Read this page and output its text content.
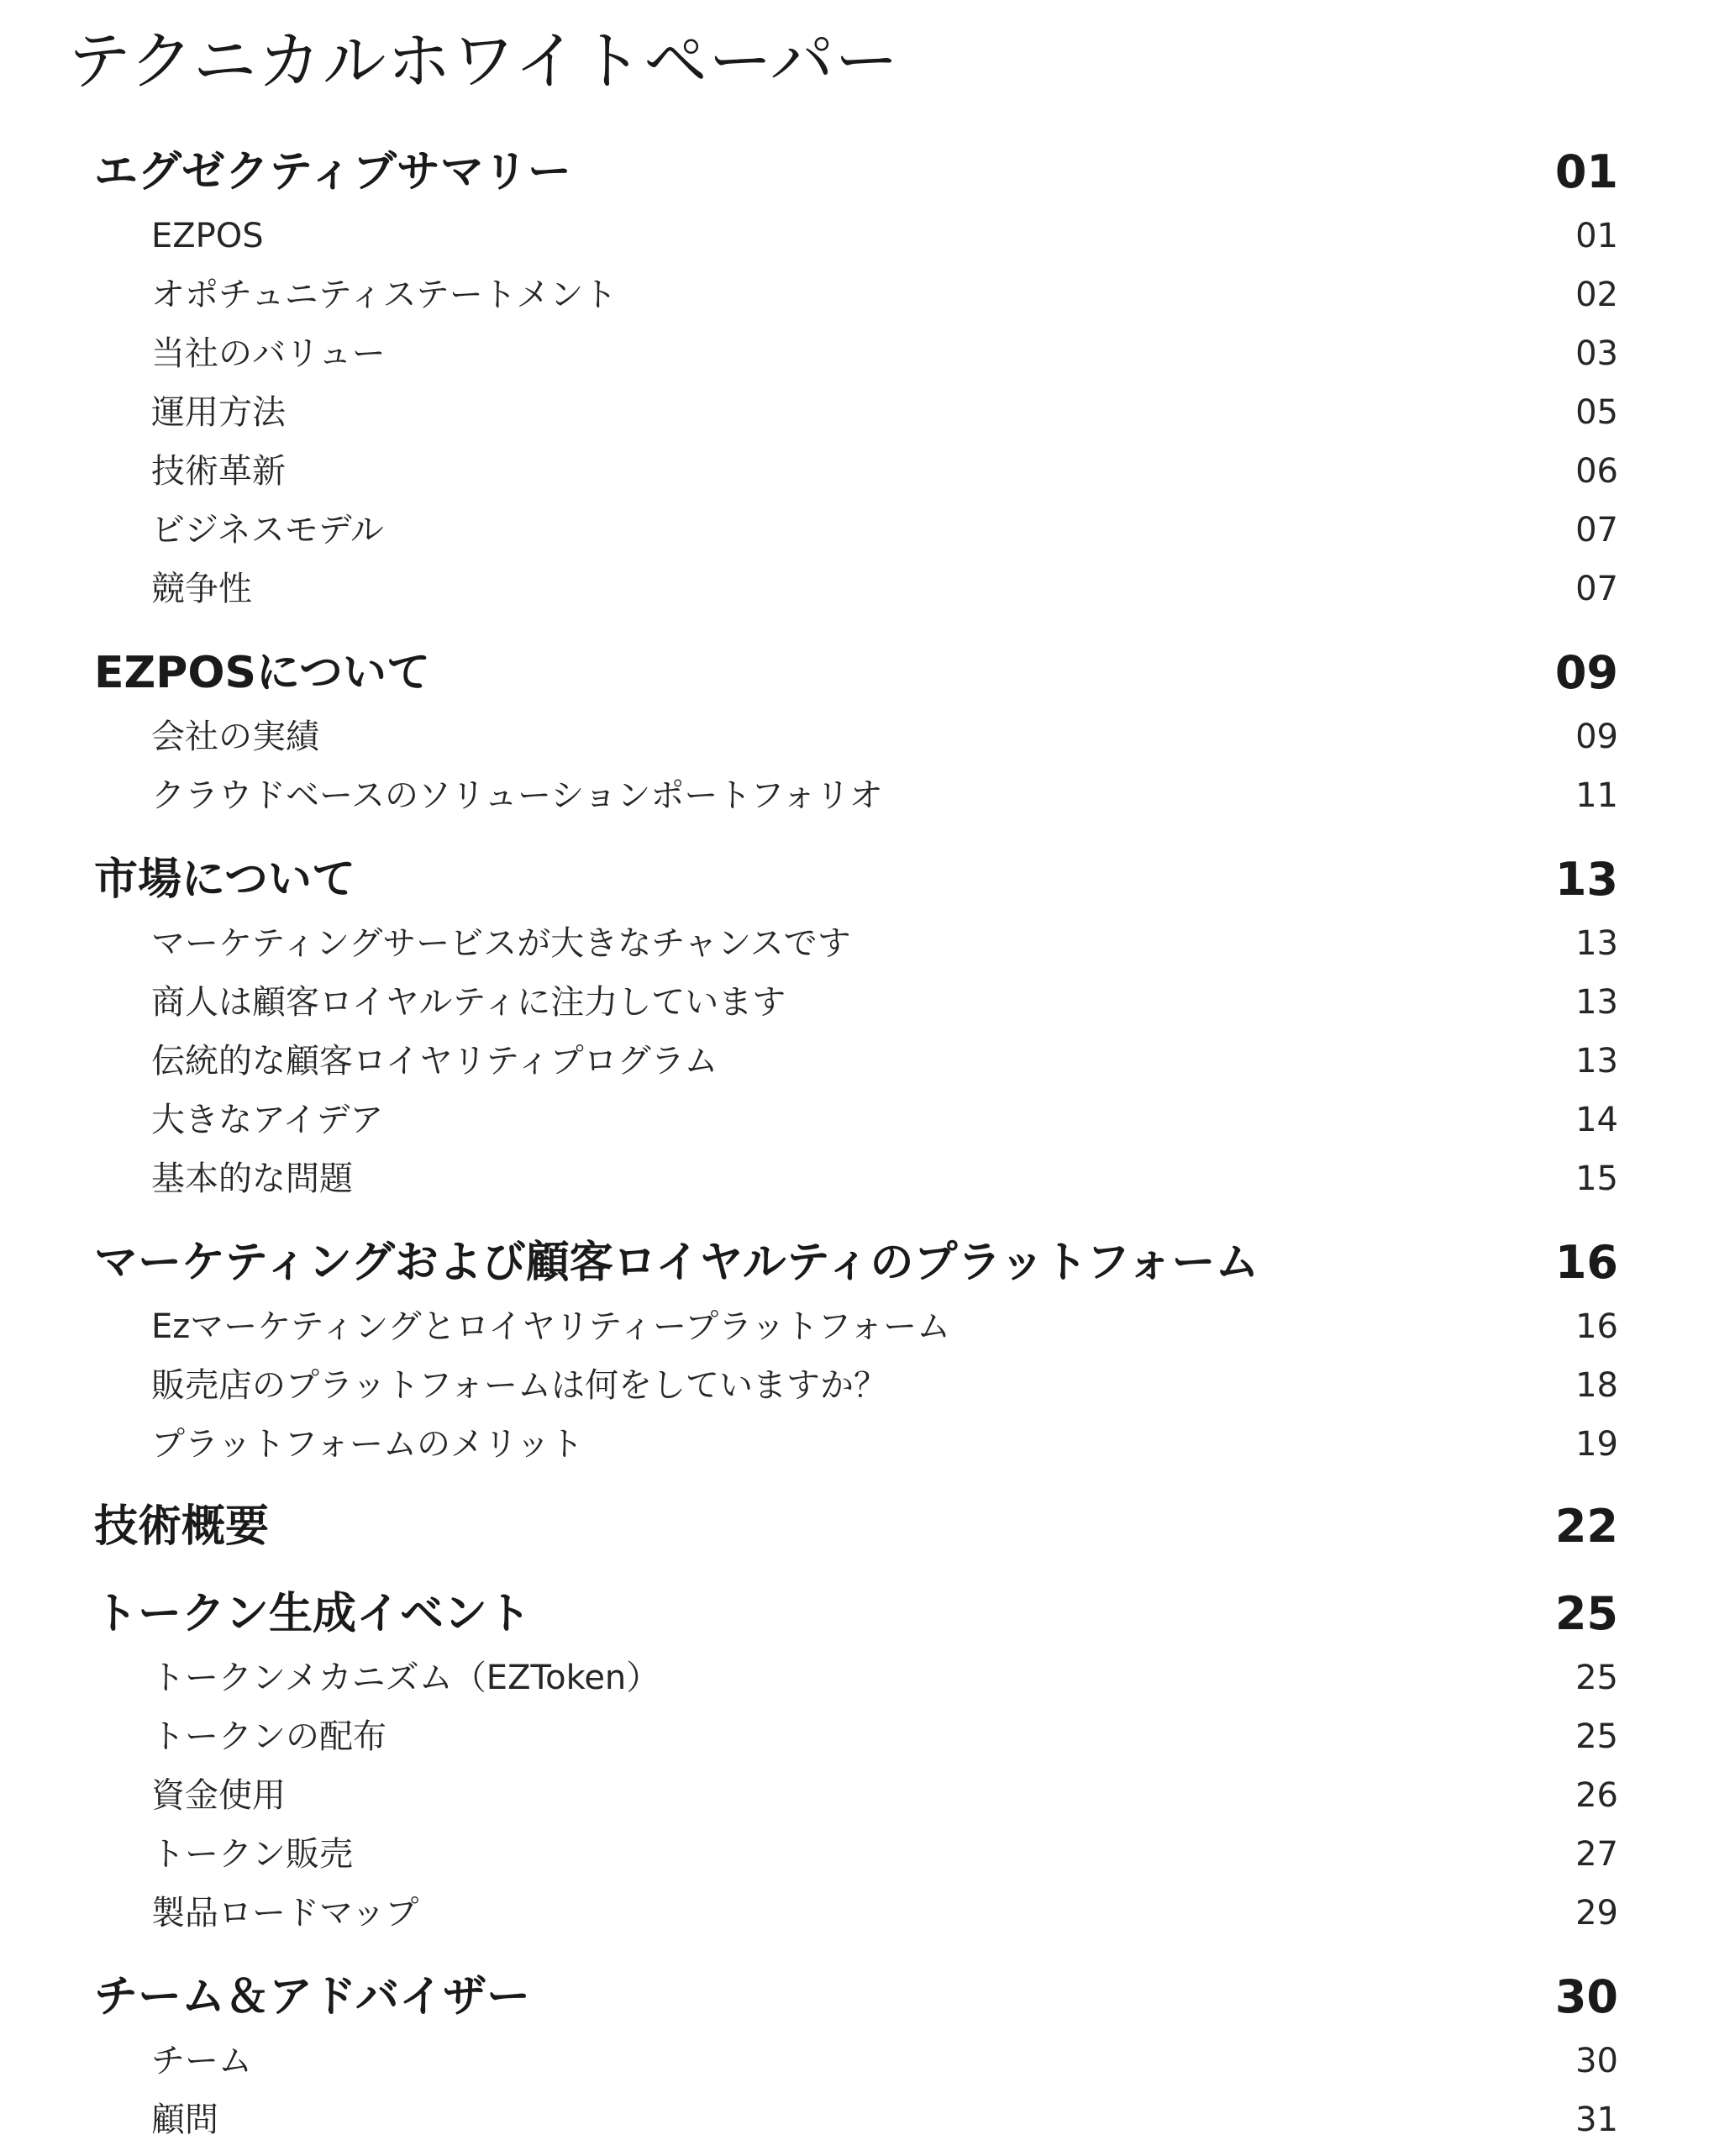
テクニカルホワイトペーパー
エグゼクティブサマリー	01
EZPOS	01
オポチュニティステートメント	02
当社のバリュー	03
運用方法	05
技術革新	06
ビジネスモデル	07
競争性	07
EZPOSについて	09
会社の実績	09
クラウドベースのソリューションポートフォリオ	11
市場について	13
マーケティングサービスが大きなチャンスです	13
商人は顧客ロイヤルティに注力しています	13
伝統的な顧客ロイヤリティプログラム	13
大きなアイデア	14
基本的な問題	15
マーケティングおよび顧客ロイヤルティのプラットフォーム	16
Ezマーケティングとロイヤリティープラットフォーム	16
販売店のプラットフォームは何をしていますか？	18
プラットフォームのメリット	19
技術概要	22
トークン生成イベント	25
トークンメカニズム（EZToken）	25
トークンの配布	25
資金使用	26
トークン販売	27
製品ロードマップ	29
チーム＆アドバイザー	30
チーム	30
顧問	31
